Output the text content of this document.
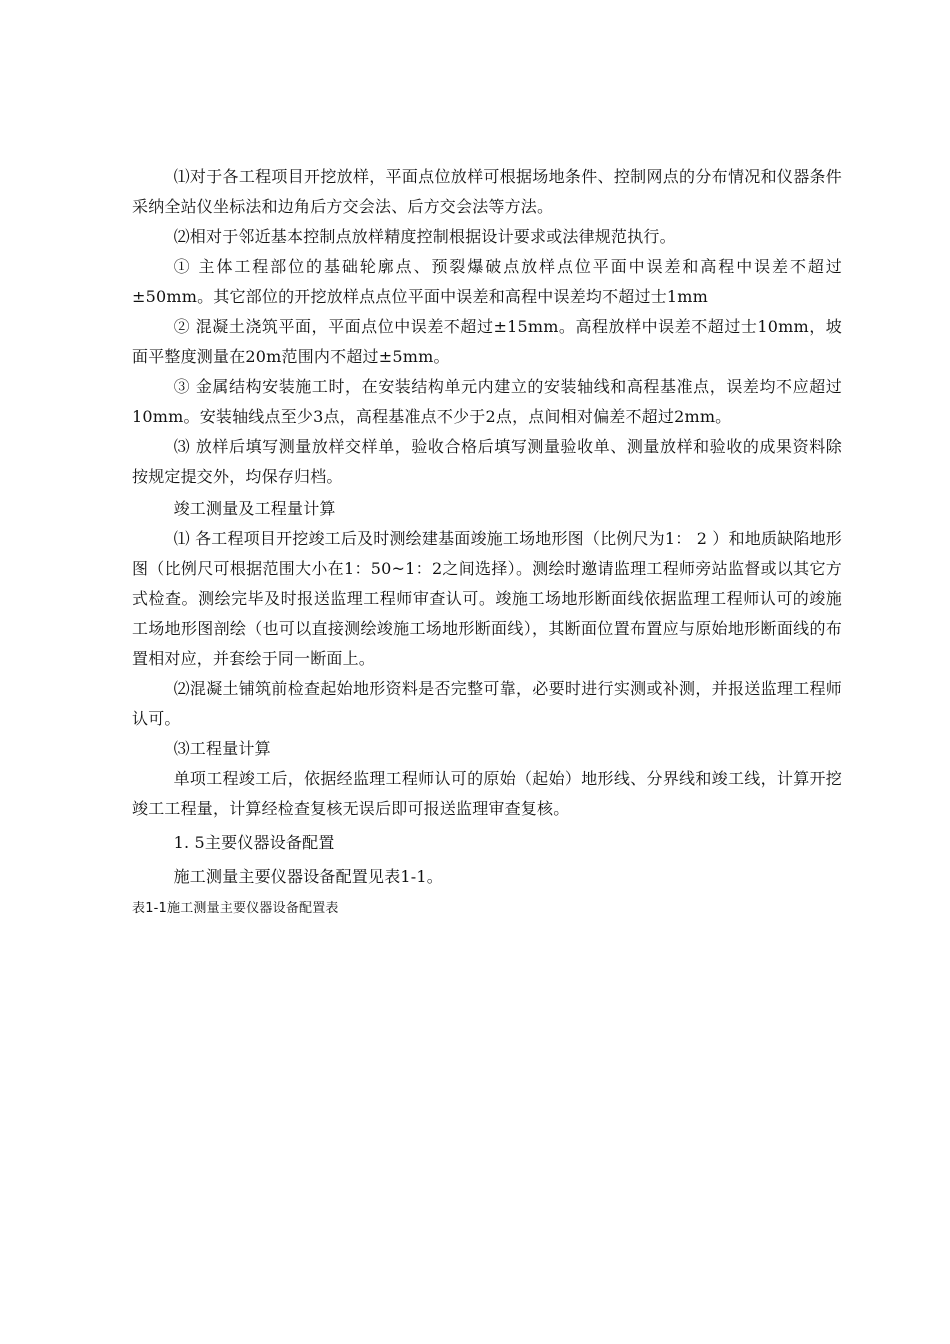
⑴对于各工程项目开挖放样，平面点位放样可根据场地条件、控制网点的分布情况和仪器条件采纳全站仪坐标法和边角后方交会法、后方交会法等方法。

⑵相对于邻近基本控制点放样精度控制根据设计要求或法律规范执行。

① 主体工程部位的基础轮廓点、预裂爆破点放样点位平面中误差和高程中误差不超过±50mm。其它部位的开挖放样点点位平面中误差和高程中误差均不超过士1mm

② 混凝土浇筑平面，平面点位中误差不超过±15mm。高程放样中误差不超过士10mm，坡面平整度测量在20m范围内不超过±5mm。

③ 金属结构安装施工时，在安装结构单元内建立的安装轴线和高程基准点，误差均不应超过10mm。安装轴线点至少3点，高程基准点不少于2点，点间相对偏差不超过2mm。

⑶ 放样后填写测量放样交样单，验收合格后填写测量验收单、测量放样和验收的成果资料除按规定提交外，均保存归档。

竣工测量及工程量计算

⑴ 各工程项目开挖竣工后及时测绘建基面竣施工场地形图（比例尺为1： 2 ）和地质缺陷地形图（比例尺可根据范围大小在1：50~1：2之间选择）。测绘时邀请监理工程师旁站监督或以其它方式检查。测绘完毕及时报送监理工程师审查认可。竣施工场地形断面线依据监理工程师认可的竣施工场地形图剖绘（也可以直接测绘竣施工场地形断面线），其断面位置布置应与原始地形断面线的布置相对应，并套绘于同一断面上。

⑵混凝土铺筑前检查起始地形资料是否完整可靠，必要时进行实测或补测，并报送监理工程师认可。

⑶工程量计算

单项工程竣工后，依据经监理工程师认可的原始（起始）地形线、分界线和竣工线，计算开挖竣工工程量，计算经检查复核无误后即可报送监理审查复核。

1. 5主要仪器设备配置

施工测量主要仪器设备配置见表1-1。

表1-1施工测量主要仪器设备配置表
